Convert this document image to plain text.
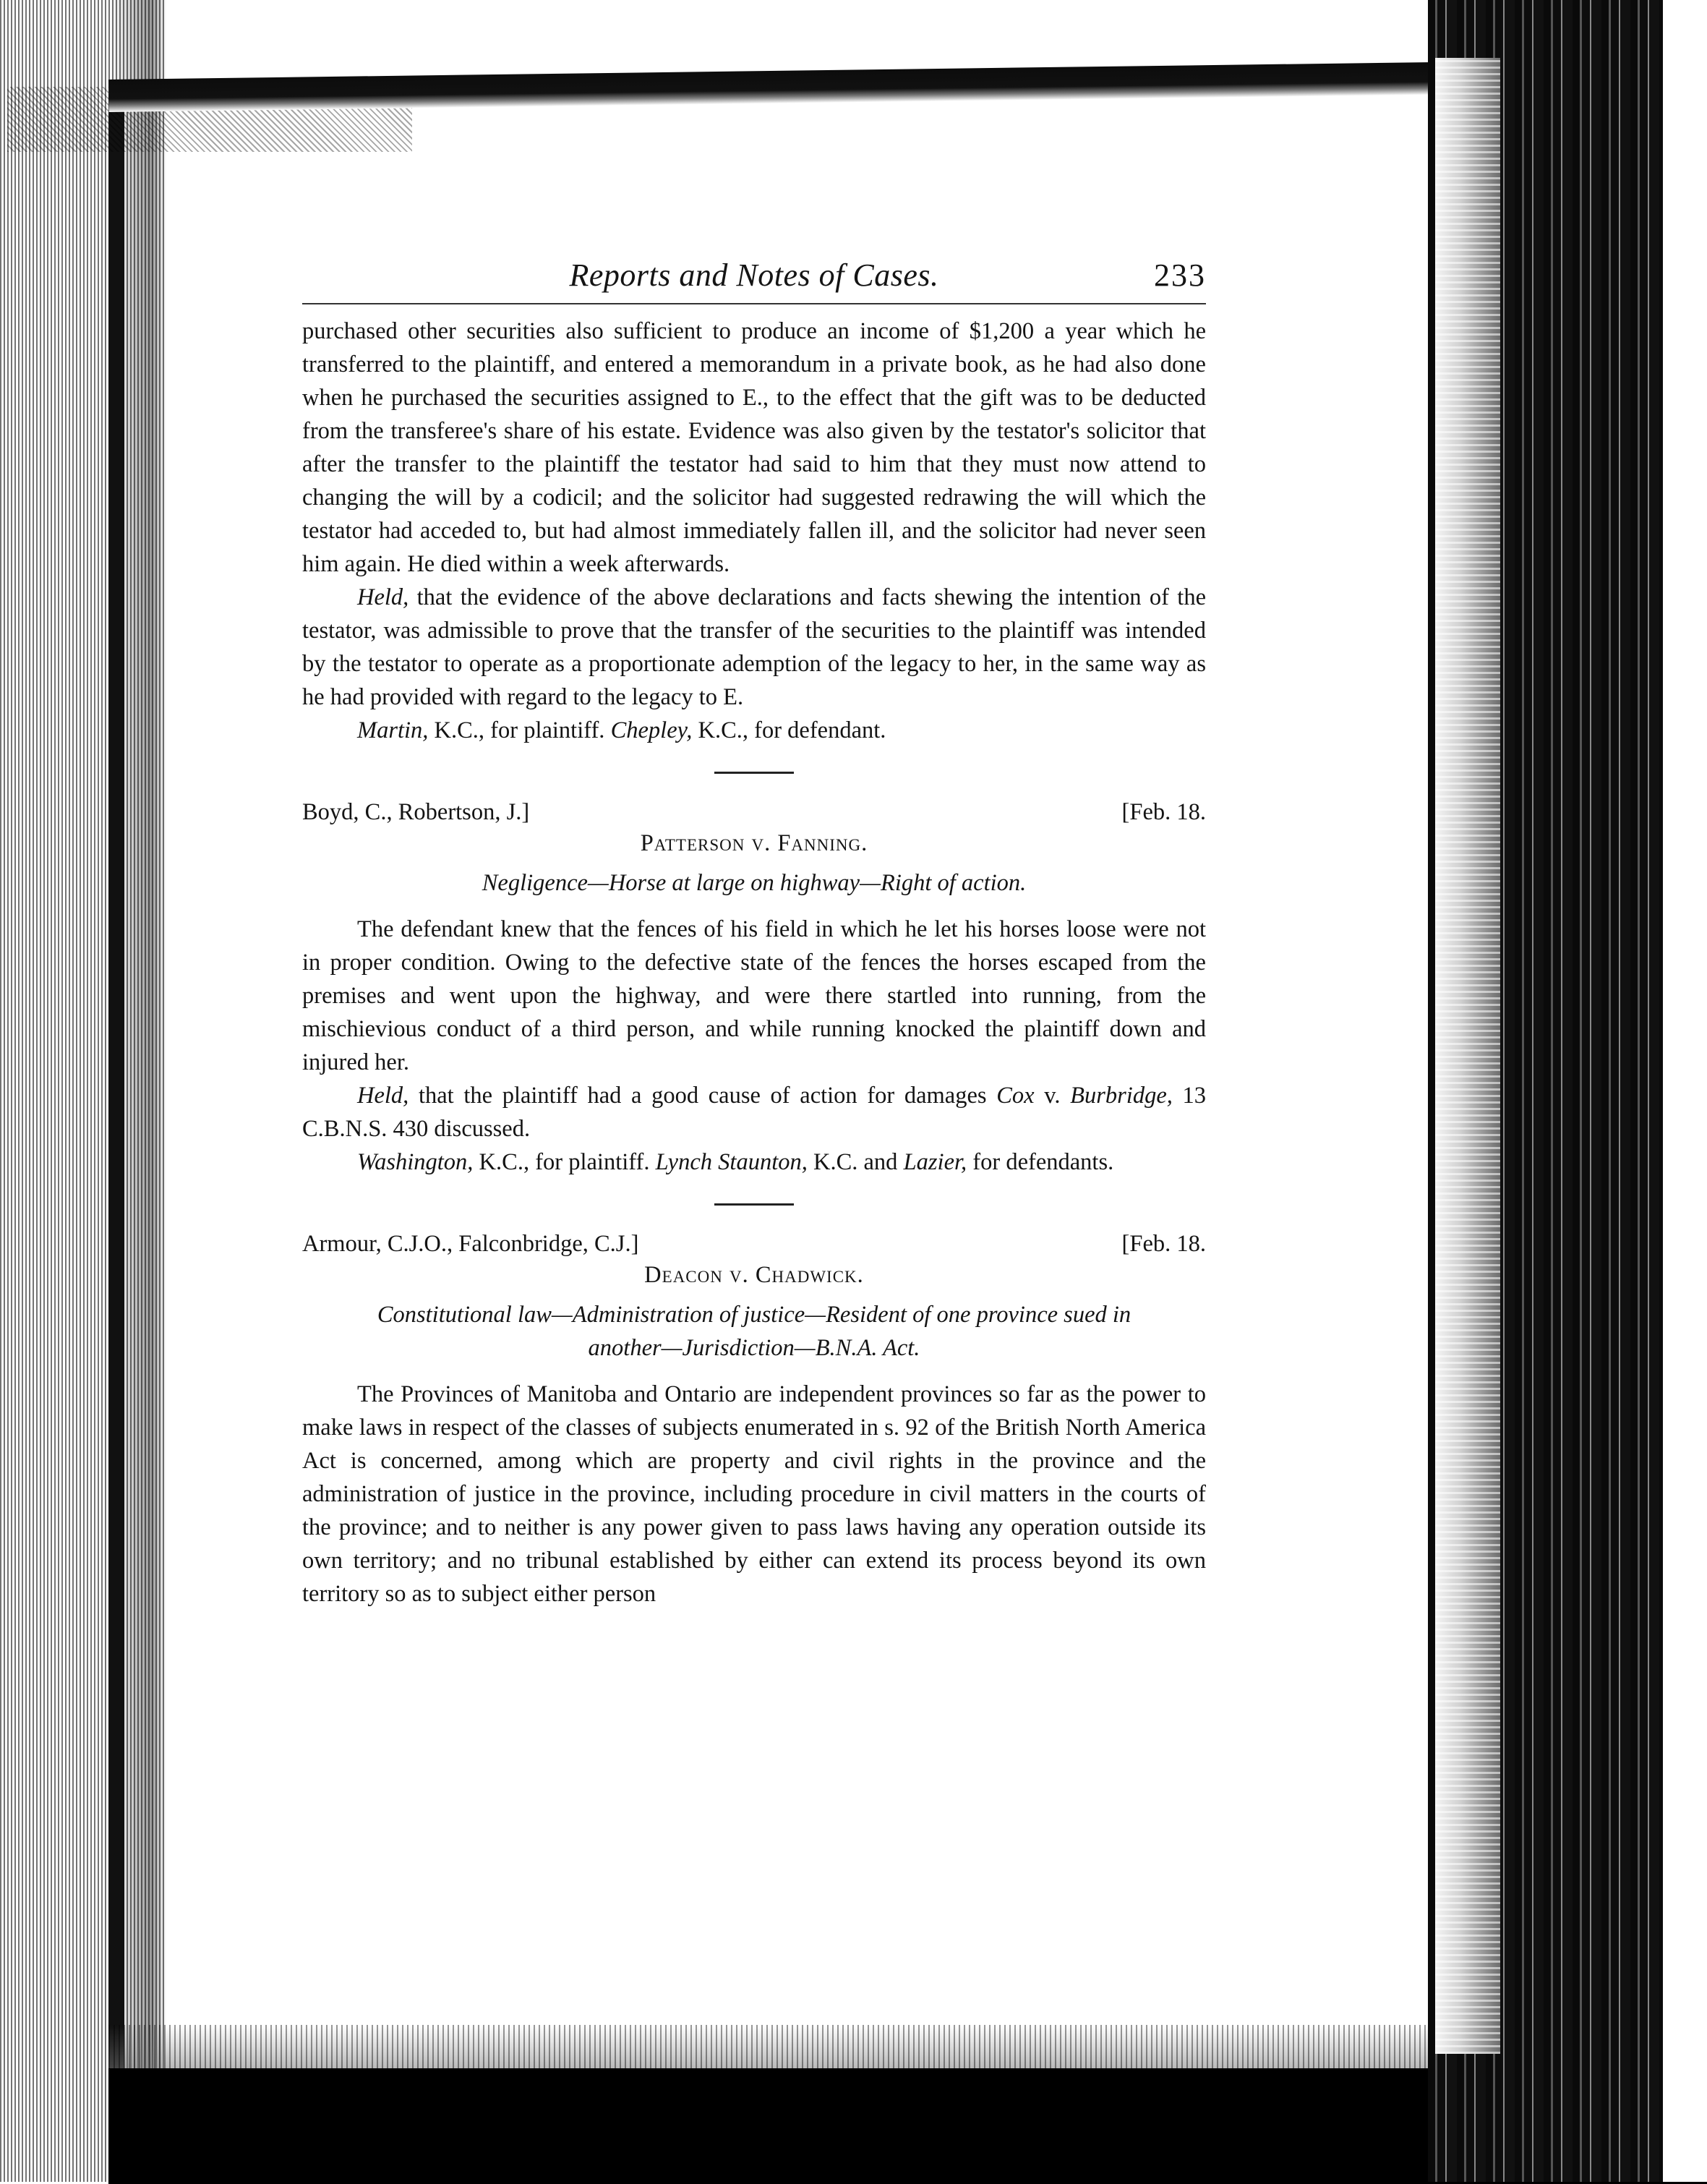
Reports and Notes of Cases.	233

purchased other securities also sufficient to produce an income of $1,200 a year which he transferred to the plaintiff, and entered a memorandum in a private book, as he had also done when he purchased the securities assigned to E., to the effect that the gift was to be deducted from the transferee's share of his estate. Evidence was also given by the testator's solicitor that after the transfer to the plaintiff the testator had said to him that they must now attend to changing the will by a codicil; and the solicitor had suggested redrawing the will which the testator had acceded to, but had almost immediately fallen ill, and the solicitor had never seen him again. He died within a week afterwards.

Held, that the evidence of the above declarations and facts shewing the intention of the testator, was admissible to prove that the transfer of the securities to the plaintiff was intended by the testator to operate as a proportionate ademption of the legacy to her, in the same way as he had provided with regard to the legacy to E.

Martin, K.C., for plaintiff. Chepley, K.C., for defendant.

Boyd, C., Robertson, J.]	[Feb. 18.
Patterson v. Fanning.
Negligence—Horse at large on highway—Right of action.

The defendant knew that the fences of his field in which he let his horses loose were not in proper condition. Owing to the defective state of the fences the horses escaped from the premises and went upon the highway, and were there startled into running, from the mischievious conduct of a third person, and while running knocked the plaintiff down and injured her.

Held, that the plaintiff had a good cause of action for damages Cox v. Burbridge, 13 C.B.N.S. 430 discussed.

Washington, K.C., for plaintiff. Lynch Staunton, K.C. and Lazier, for defendants.

Armour, C.J.O., Falconbridge, C.J.]	[Feb. 18.
Deacon v. Chadwick.
Constitutional law—Administration of justice—Resident of one province sued in another—Jurisdiction—B.N.A. Act.

The Provinces of Manitoba and Ontario are independent provinces so far as the power to make laws in respect of the classes of subjects enumerated in s. 92 of the British North America Act is concerned, among which are property and civil rights in the province and the administration of justice in the province, including procedure in civil matters in the courts of the province; and to neither is any power given to pass laws having any operation outside its own territory; and no tribunal established by either can extend its process beyond its own territory so as to subject either person
